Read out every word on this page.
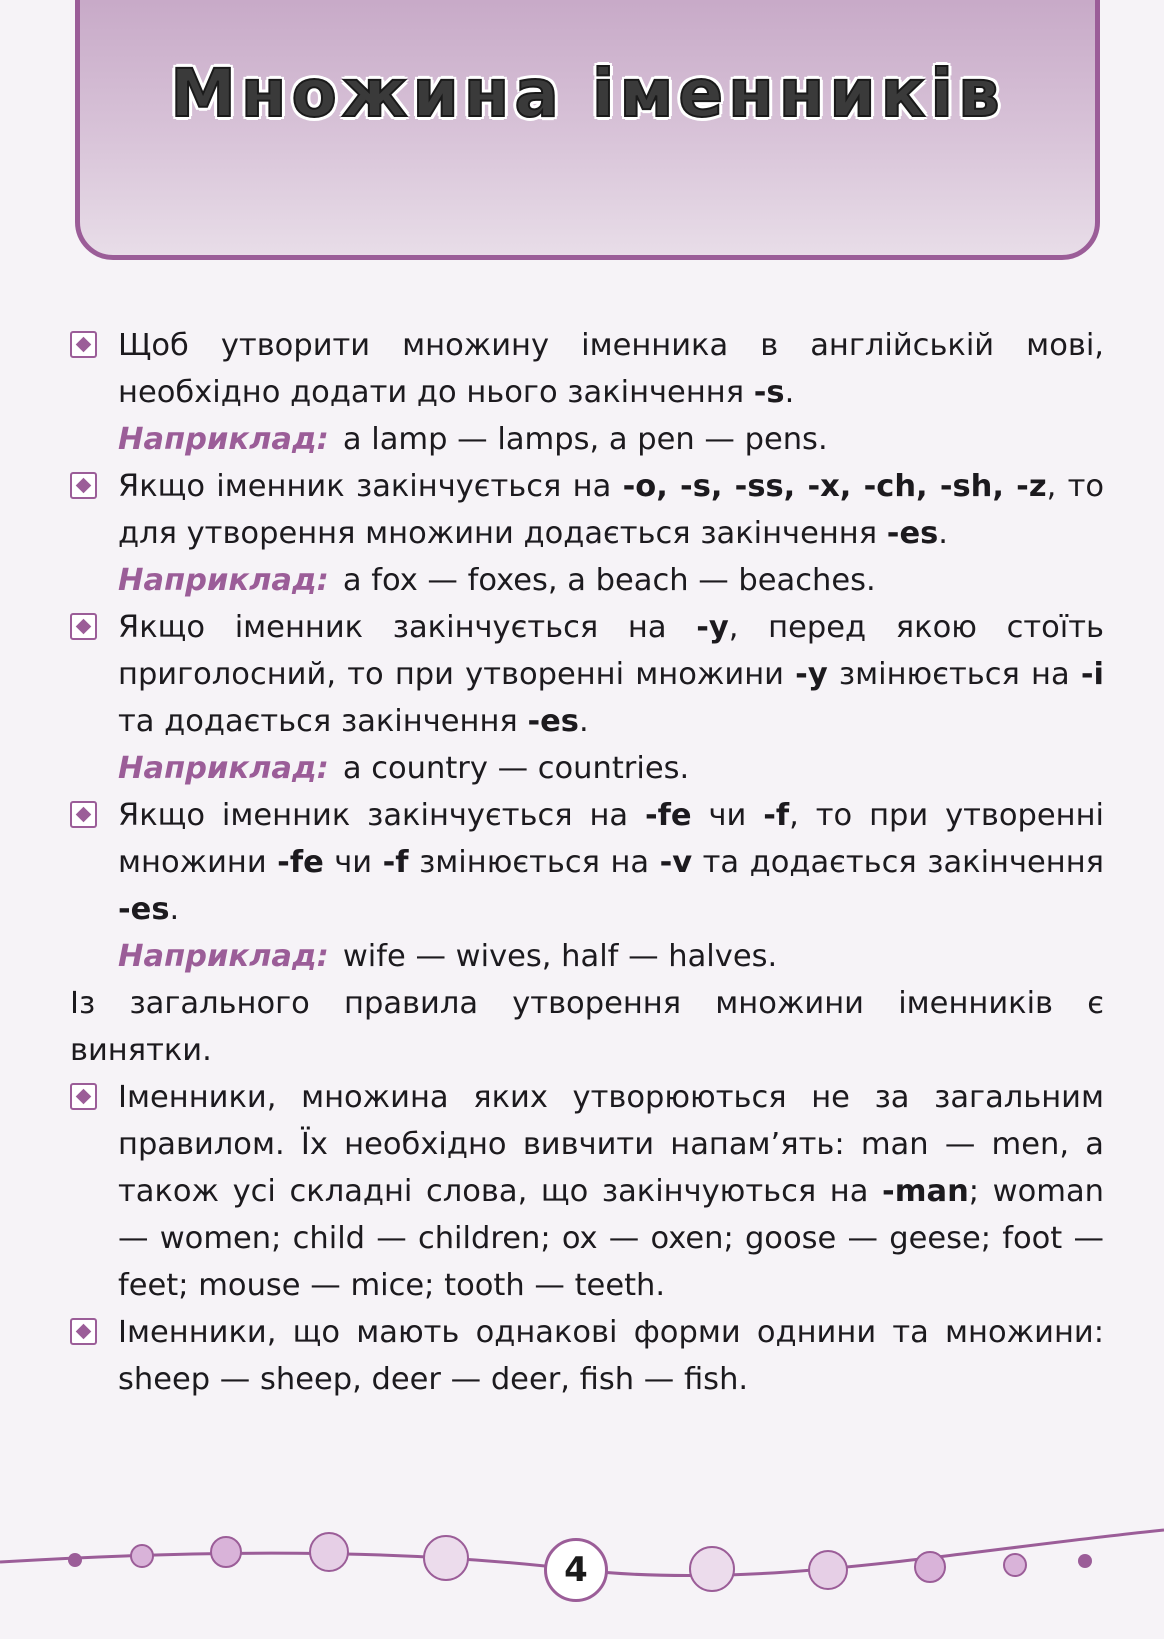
Множина іменників
Щоб утворити множину іменника в англійській мові, необхідно додати до нього закінчення -s.
Наприклад: a lamp — lamps, a pen — pens.
Якщо іменник закінчується на -o, -s, -ss, -x, -ch, -sh, -z, то для утворення множини додається закінчення -es.
Наприклад: a fox — foxes, a beach — beaches.
Якщо іменник закінчується на -y, перед якою стоїть приголосний, то при утворенні множини -y змінюється на -i та додається закінчення -es.
Наприклад: a country — countries.
Якщо іменник закінчується на -fe чи -f, то при утворенні множини -fe чи -f змінюється на -v та додається закінчення -es.
Наприклад: wife — wives, half — halves.
Із загального правила утворення множини іменників є винятки.
Іменники, множина яких утворюються не за загальним правилом. Їх необхідно вивчити напам’ять: man — men, а також усі складні слова, що закінчуються на -man; woman — women; child — children; ox — oxen; goose — geese; foot — feet; mouse — mice; tooth — teeth.
Іменники, що мають однакові форми однини та множини: sheep — sheep, deer — deer, fish — fish.
4
